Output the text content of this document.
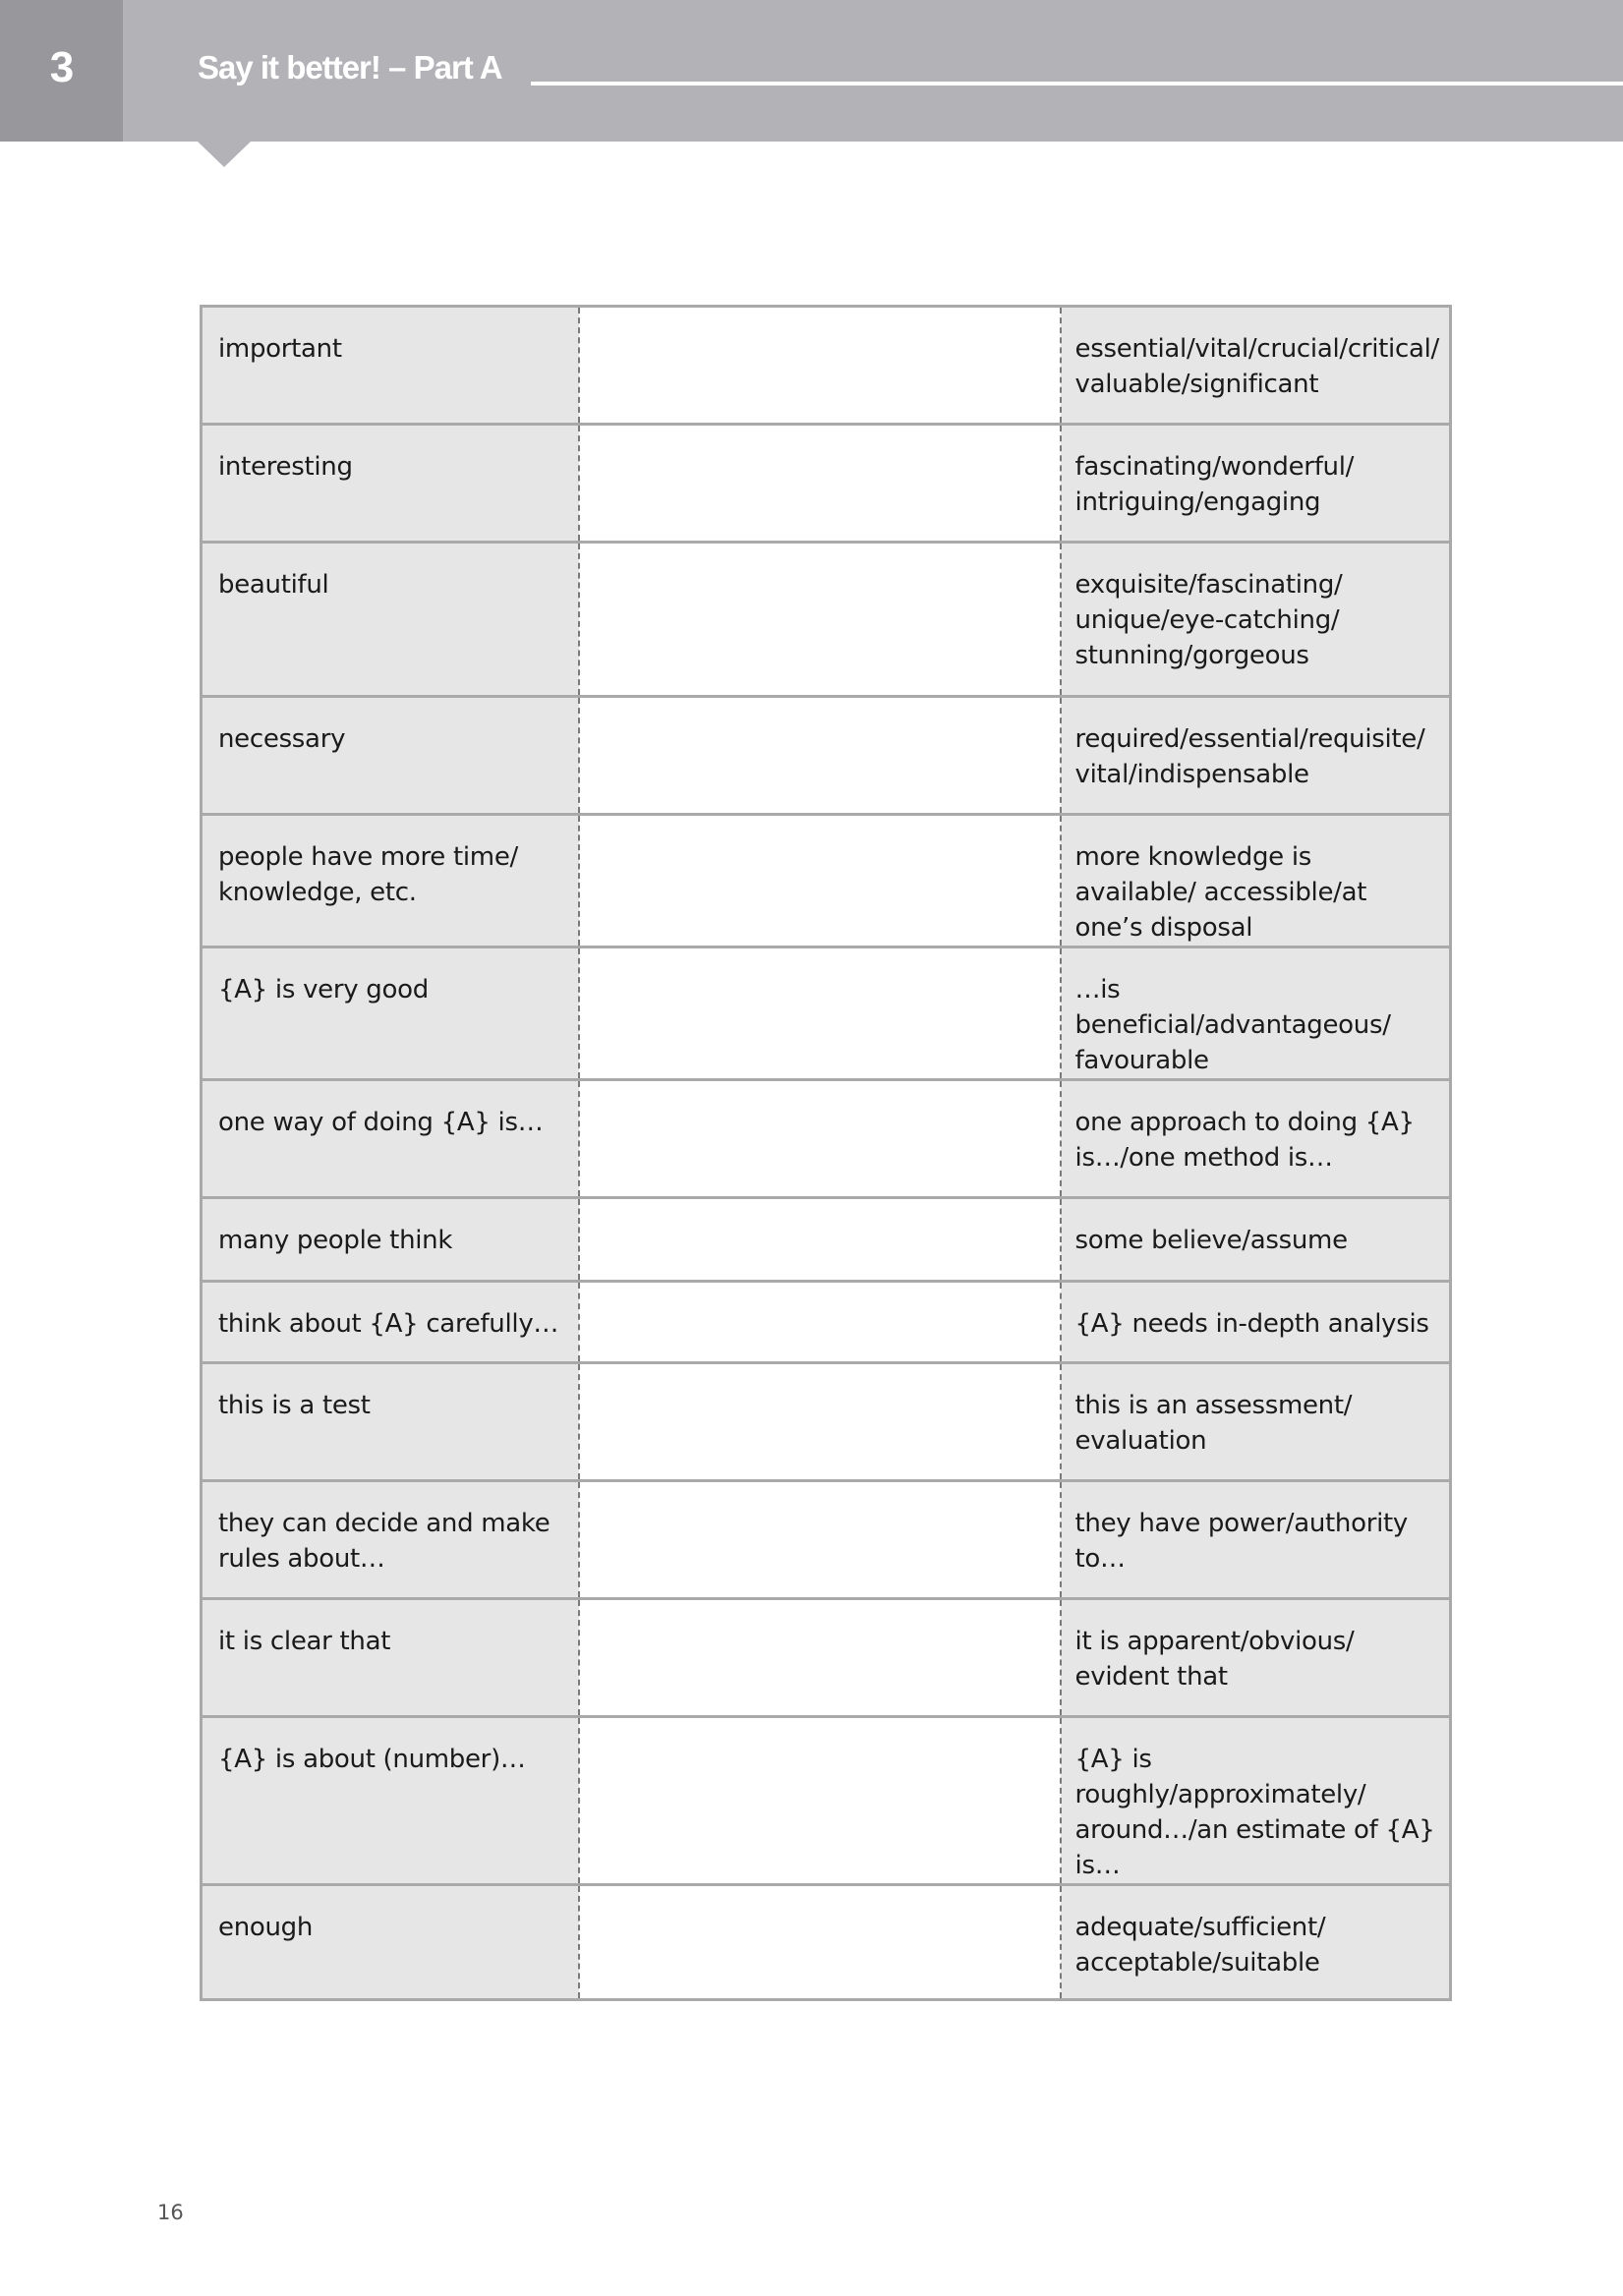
3	Say it better! – Part A
important		essential/vital/crucial/critical/ valuable/significant

interesting		fascinating/wonderful/ intriguing/engaging

beautiful		exquisite/fascinating/ unique/eye-catching/ stunning/gorgeous

necessary		required/essential/requisite/ vital/indispensable

people have more time/ knowledge, etc.		more knowledge is available/ accessible/at one’s disposal

{A} is very good		…is beneficial/advantageous/ favourable

one way of doing {A} is…		one approach to doing {A} is…/one method is…

many people think		some believe/assume

think about {A} carefully…		{A} needs in-depth analysis

this is a test		this is an assessment/ evaluation

they can decide and make rules about…		they have power/authority to…

it is clear that		it is apparent/obvious/ evident that

{A} is about (number)…		{A} is roughly/approximately/ around…/an estimate of {A} is…

enough		adequate/sufficient/ acceptable/suitable
16
